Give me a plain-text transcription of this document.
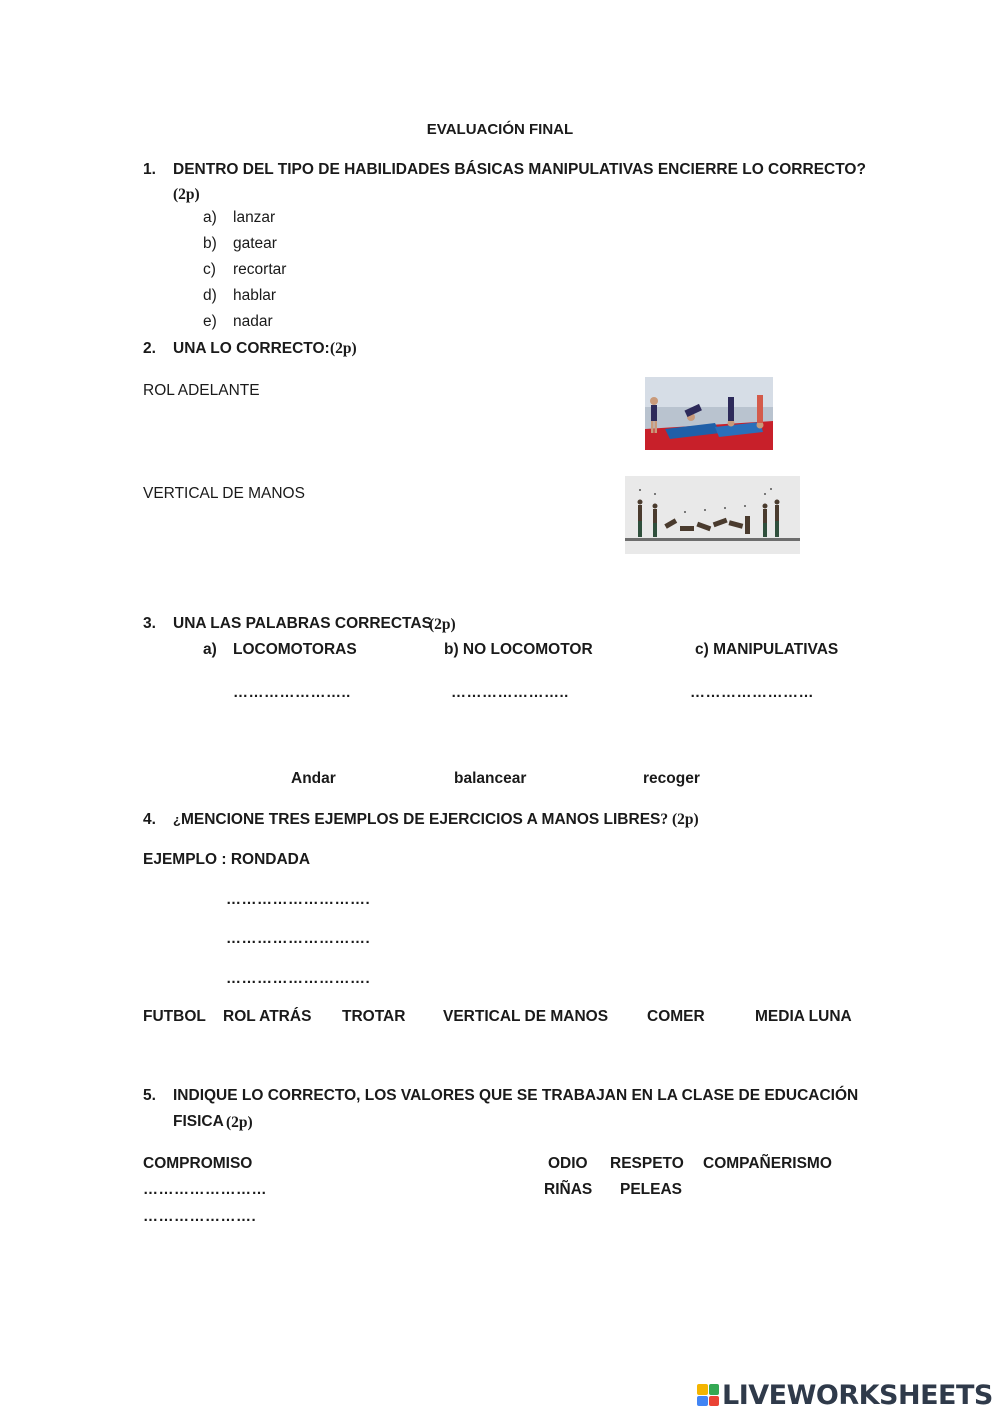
EVALUACIÓN FINAL
1. DENTRO DEL TIPO DE HABILIDADES BÁSICAS MANIPULATIVAS ENCIERRE LO CORRECTO?
(2p)
a) lanzar
b) gatear
c) recortar
d) hablar
e) nadar
2. UNA LO CORRECTO: (2p)
ROL ADELANTE
VERTICAL DE MANOS
3. UNA LAS PALABRAS CORRECTAS
(2p)
a) LOCOMOTORAS	b) NO LOCOMOTOR	c) MANIPULATIVAS
…………………..	…………………..	……………………
Andar	balancear	recoger
4. ¿MENCIONE TRES EJEMPLOS DE EJERCICIOS A MANOS LIBRES? (2p)
EJEMPLO : RONDADA
……………………….
……………………….
……………………….
FUTBOL ROL ATRÁS TROTAR VERTICAL DE MANOS	COMER	MEDIA LUNA
5. INDIQUE LO CORRECTO, LOS VALORES QUE SE TRABAJAN EN LA CLASE DE EDUCACIÓN
FISICA (2p)
COMPROMISO
……………………
………………….
ODIO RESPETO COMPAÑERISMO
RIÑAS PELEAS
LIVEWORKSHEETS
